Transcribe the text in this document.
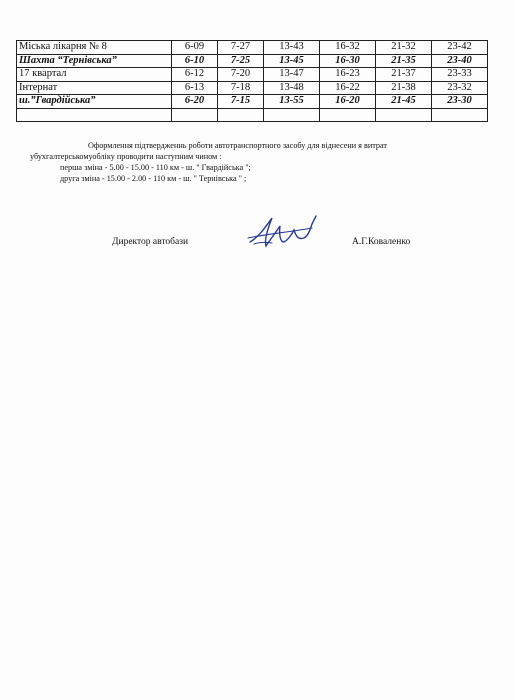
Міська лікарня № 8	6-09	7-27	13-43	16-32	21-32	23-42
Шахта “Тернівська”	6-10	7-25	13-45	16-30	21-35	23-40
17 квартал	6-12	7-20	13-47	16-23	21-37	23-33
Інтернат	6-13	7-18	13-48	16-22	21-38	23-32
ш.”Гвардійська”	6-20	7-15	13-55	16-20	21-45	23-30

Оформлення підтвердженнь роботи автотранспортного засобу для віднесени я витрат
убухгалтерськомуобліку проводити наступним чином :
перша зміна - 5.00 - 15.00 - 110 км - ш. " Гвардійська ";
друга зміна - 15.00 - 2.00 - 110 км - ш. " Тернівська " ;
Директор автобази	А.Г.Коваленко
